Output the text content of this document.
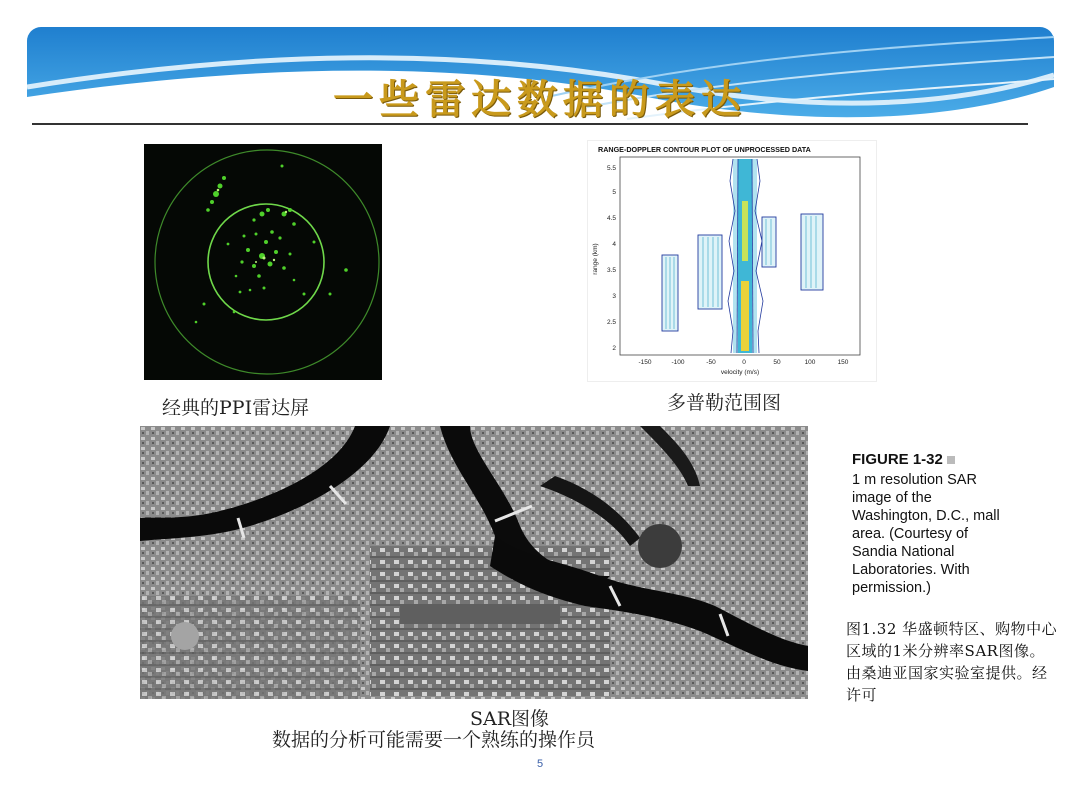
一些雷达数据的表达
经典的PPI雷达屏
RANGE-DOPPLER CONTOUR PLOT OF UNPROCESSED DATA
2
2.5
3
3.5
4
4.5
5
5.5
range (km)
-150	-100	-50	0	50	100	150
velocity (m/s)
多普勒范围图
SAR图像
数据的分析可能需要一个熟练的操作员
FIGURE 1-32
1 m resolution SAR image of the Washington, D.C., mall area. (Courtesy of Sandia National Laboratories. With permission.)
图1.32 华盛顿特区、购物中心区域的1米分辨率SAR图像。由桑迪亚国家实验室提供。经许可
5
